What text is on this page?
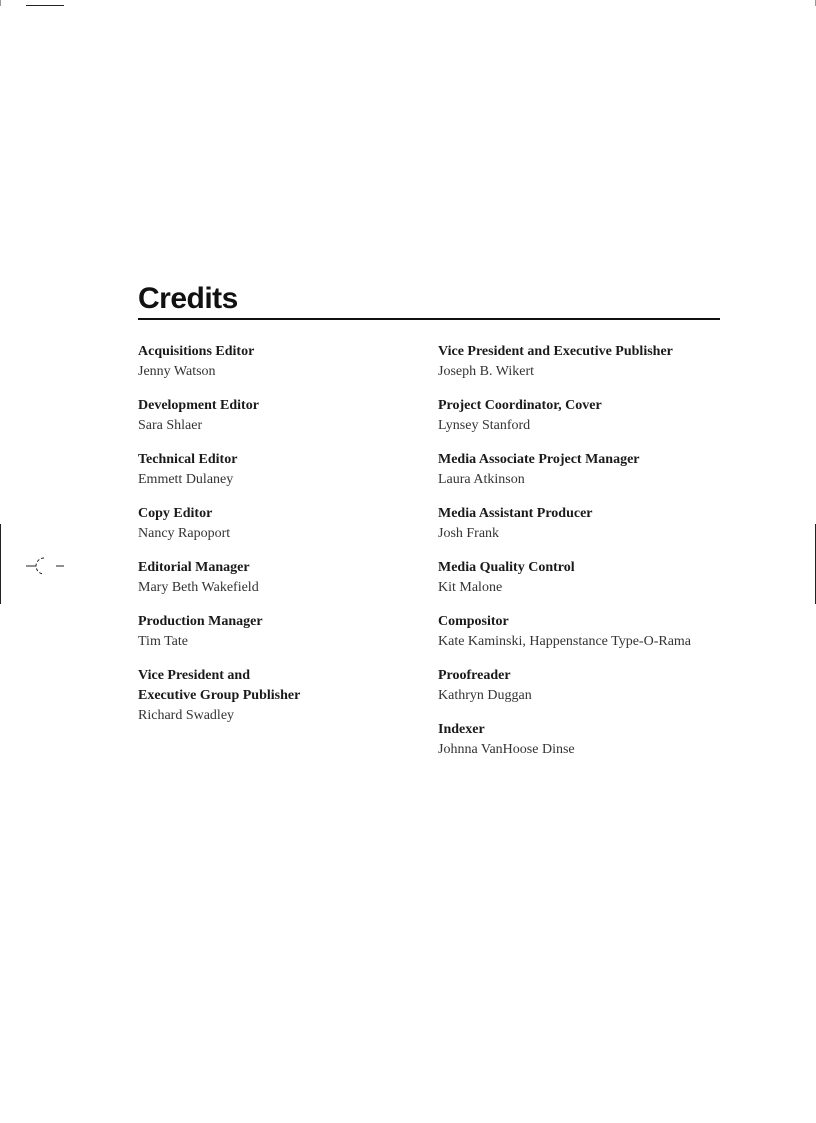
Credits

Acquisitions Editor

Jenny Watson

Development Editor

Sara Shlaer

Technical Editor

Emmett Dulaney

Copy Editor

Nancy Rapoport

Editorial Manager

Mary Beth Wakefield

Production Manager

Tim Tate

Vice President and

Executive Group Publisher

Richard Swadley

Vice President and Executive Publisher

Joseph B. Wikert

Project Coordinator, Cover

Lynsey Stanford

Media Associate Project Manager

Laura Atkinson

Media Assistant Producer

Josh Frank

Media Quality Control

Kit Malone

Compositor

Kate Kaminski, Happenstance Type-O-Rama

Proofreader

Kathryn Duggan

Indexer

Johnna VanHoose Dinse
